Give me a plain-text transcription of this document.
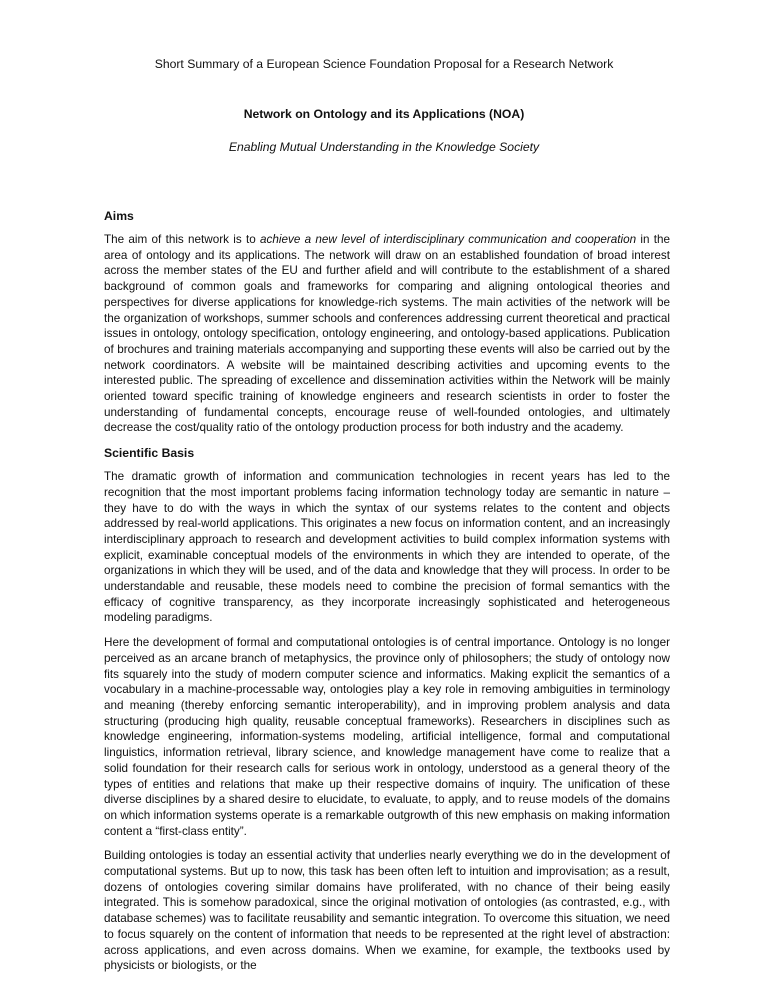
Short Summary of a European Science Foundation Proposal for a Research Network

Network on Ontology and its Applications (NOA)

Enabling Mutual Understanding in the Knowledge Society

Aims

The aim of this network is to achieve a new level of interdisciplinary communication and cooperation in the area of ontology and its applications. The network will draw on an established foundation of broad interest across the member states of the EU and further afield and will contribute to the establishment of a shared background of common goals and frameworks for comparing and aligning ontological theories and perspectives for diverse applications for knowledge-rich systems. The main activities of the network will be the organization of workshops, summer schools and conferences addressing current theoretical and practical issues in ontology, ontology specification, ontology engineering, and ontology-based applications. Publication of brochures and training materials accompanying and supporting these events will also be carried out by the network coordinators. A website will be maintained describing activities and upcoming events to the interested public. The spreading of excellence and dissemination activities within the Network will be mainly oriented toward specific training of knowledge engineers and research scientists in order to foster the understanding of fundamental concepts, encourage reuse of well-founded ontologies, and ultimately decrease the cost/quality ratio of the ontology production process for both industry and the academy.

Scientific Basis

The dramatic growth of information and communication technologies in recent years has led to the recognition that the most important problems facing information technology today are semantic in nature – they have to do with the ways in which the syntax of our systems relates to the content and objects addressed by real-world applications. This originates a new focus on information content, and an increasingly interdisciplinary approach to research and development activities to build complex information systems with explicit, examinable conceptual models of the environments in which they are intended to operate, of the organizations in which they will be used, and of the data and knowledge that they will process. In order to be understandable and reusable, these models need to combine the precision of formal semantics with the efficacy of cognitive transparency, as they incorporate increasingly sophisticated and heterogeneous modeling paradigms.

Here the development of formal and computational ontologies is of central importance. Ontology is no longer perceived as an arcane branch of metaphysics, the province only of philosophers; the study of ontology now fits squarely into the study of modern computer science and informatics. Making explicit the semantics of a vocabulary in a machine-processable way, ontologies play a key role in removing ambiguities in terminology and meaning (thereby enforcing semantic interoperability), and in improving problem analysis and data structuring (producing high quality, reusable conceptual frameworks). Researchers in disciplines such as knowledge engineering, information-systems modeling, artificial intelligence, formal and computational linguistics, information retrieval, library science, and knowledge management have come to realize that a solid foundation for their research calls for serious work in ontology, understood as a general theory of the types of entities and relations that make up their respective domains of inquiry. The unification of these diverse disciplines by a shared desire to elucidate, to evaluate, to apply, and to reuse models of the domains on which information systems operate is a remarkable outgrowth of this new emphasis on making information content a “first-class entity”.

Building ontologies is today an essential activity that underlies nearly everything we do in the development of computational systems. But up to now, this task has been often left to intuition and improvisation; as a result, dozens of ontologies covering similar domains have proliferated, with no chance of their being easily integrated. This is somehow paradoxical, since the original motivation of ontologies (as contrasted, e.g., with database schemes) was to facilitate reusability and semantic integration. To overcome this situation, we need to focus squarely on the content of information that needs to be represented at the right level of abstraction: across applications, and even across domains. When we examine, for example, the textbooks used by physicists or biologists, or the
